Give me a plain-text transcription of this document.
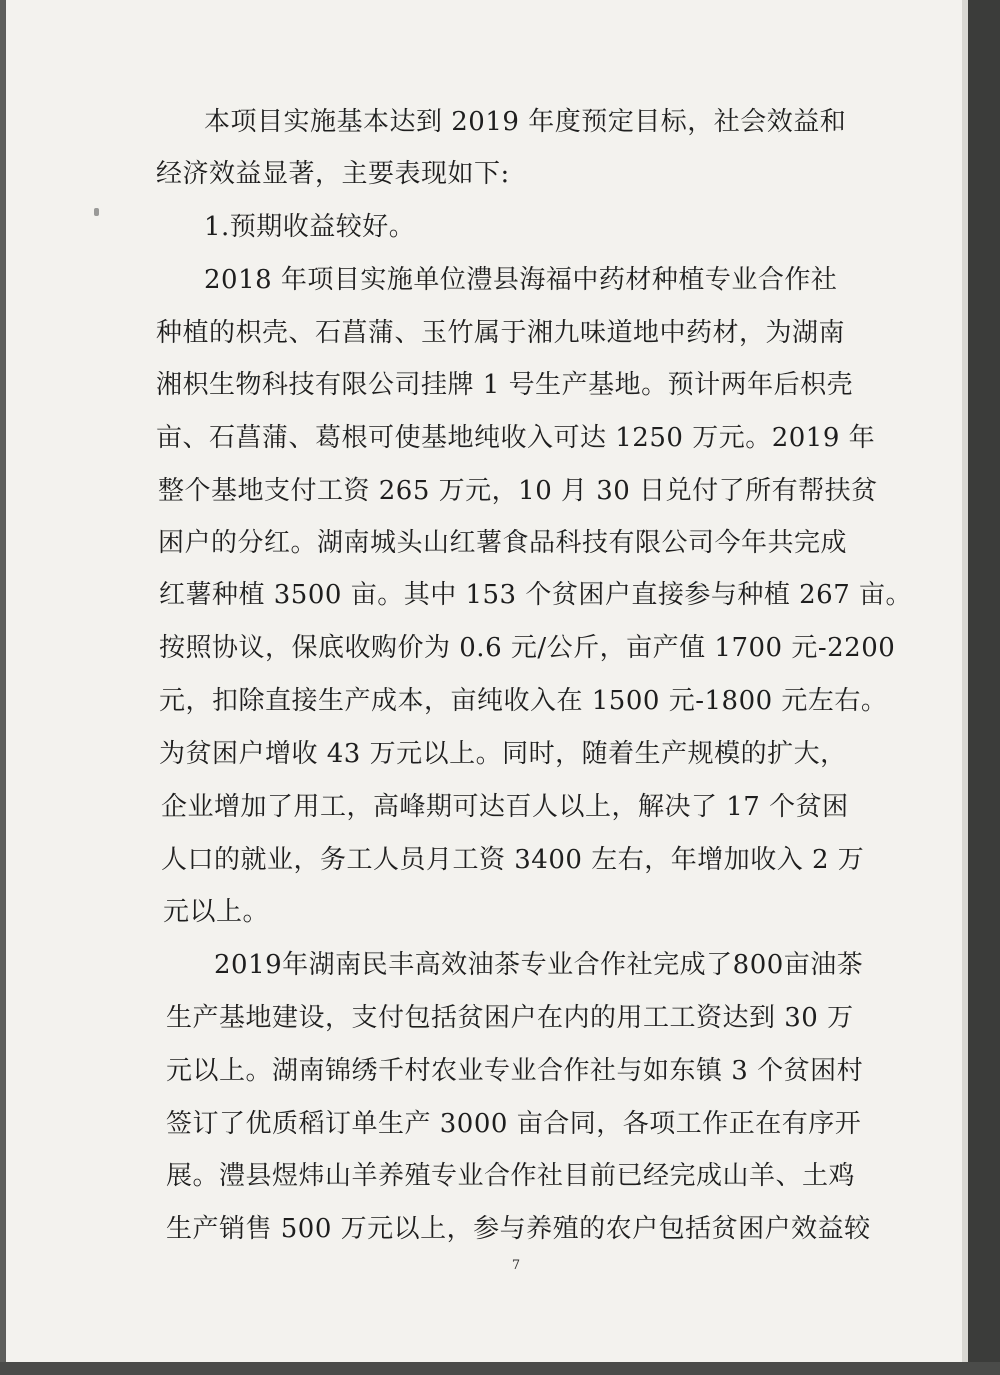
本项目实施基本达到 2019 年度预定目标，社会效益和

经济效益显著，主要表现如下:

1.预期收益较好。

2018 年项目实施单位澧县海福中药材种植专业合作社

种植的枳壳、石菖蒲、玉竹属于湘九味道地中药材，为湖南

湘枳生物科技有限公司挂牌 1 号生产基地。预计两年后枳壳

亩、石菖蒲、葛根可使基地纯收入可达 1250 万元。2019 年

整个基地支付工资 265 万元，10 月 30 日兑付了所有帮扶贫

困户的分红。湖南城头山红薯食品科技有限公司今年共完成

红薯种植 3500 亩。其中 153 个贫困户直接参与种植 267 亩。

按照协议，保底收购价为 0.6 元/公斤，亩产值 1700 元-2200

元，扣除直接生产成本，亩纯收入在 1500 元-1800 元左右。

为贫困户增收 43 万元以上。同时，随着生产规模的扩大，

企业增加了用工，高峰期可达百人以上，解决了 17 个贫困

人口的就业，务工人员月工资 3400 左右，年增加收入 2 万

元以上。

2019年湖南民丰高效油茶专业合作社完成了800亩油茶

生产基地建设，支付包括贫困户在内的用工工资达到 30 万

元以上。湖南锦绣千村农业专业合作社与如东镇 3 个贫困村

签订了优质稻订单生产 3000 亩合同，各项工作正在有序开

展。澧县煜炜山羊养殖专业合作社目前已经完成山羊、土鸡

生产销售 500 万元以上，参与养殖的农户包括贫困户效益较

7
